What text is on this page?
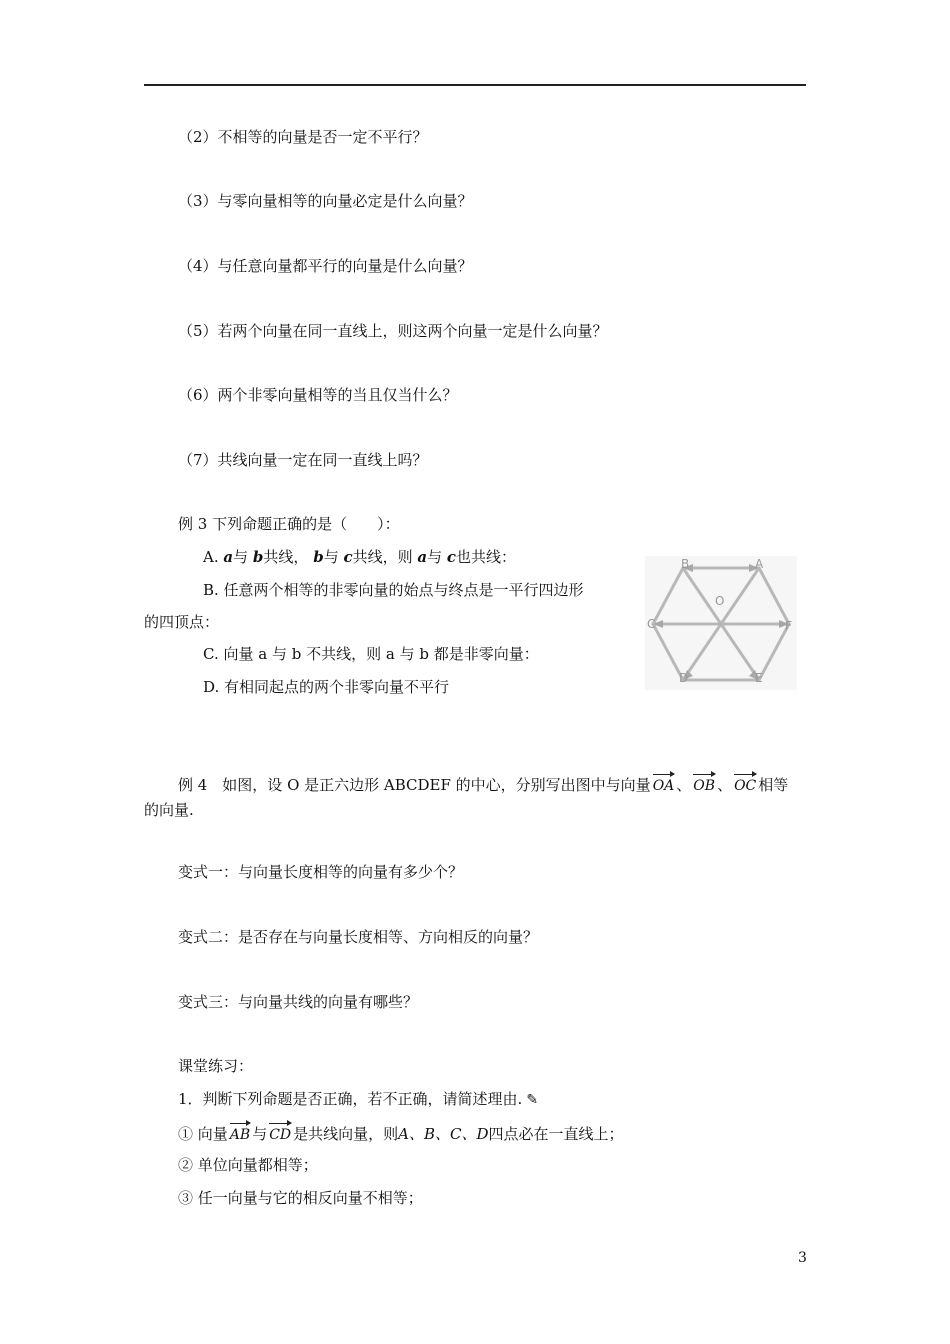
（2）不相等的向量是否一定不平行？
（3）与零向量相等的向量必定是什么向量？
（4）与任意向量都平行的向量是什么向量？
（5）若两个向量在同一直线上，则这两个向量一定是什么向量？
（6）两个非零向量相等的当且仅当什么？
（7）共线向量一定在同一直线上吗？
例 3 下列命题正确的是（　　）：
A. a与 b共线， b与 c共线，则 a与 c也共线：
B. 任意两个相等的非零向量的始点与终点是一平行四边形
的四顶点：
C. 向量 a 与 b 不共线，则 a 与 b 都是非零向量：
D. 有相同起点的两个非零向量不平行
B	A
C	F
O
D	E
例 4　如图，设 O 是正六边形 ABCDEF 的中心，分别写出图中与向量 OA 、 OB 、 OC 相等
的向量.
变式一：与向量长度相等的向量有多少个？
变式二：是否存在与向量长度相等、方向相反的向量？
变式三：与向量共线的向量有哪些？
课堂练习：
1．判断下列命题是否正确，若不正确，请简述理由. ✎
① 向量 AB 与 CD 是共线向量，则A、B、C、D四点必在一直线上；
② 单位向量都相等；
③ 任一向量与它的相反向量不相等；
3
